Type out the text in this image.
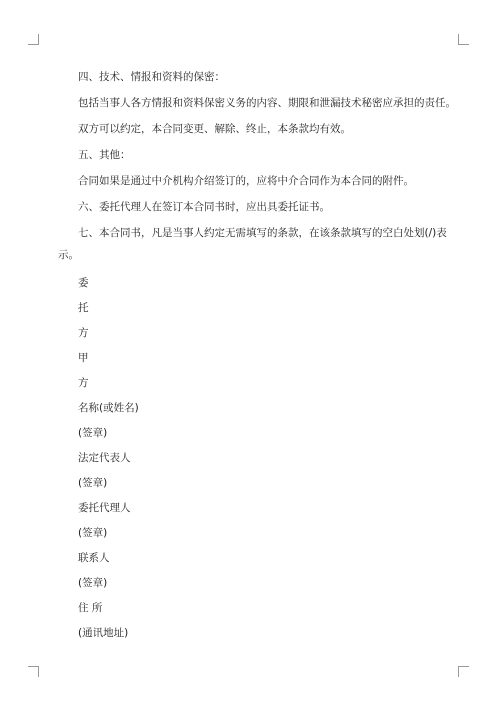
四、技术、情报和资料的保密：
包括当事人各方情报和资料保密义务的内容、期限和泄漏技术秘密应承担的责任。
双方可以约定，本合同变更、解除、终止，本条款均有效。
五、其他：
合同如果是通过中介机构介绍签订的，应将中介合同作为本合同的附件。
六、委托代理人在签订本合同书时，应出具委托证书。
七、本合同书，凡是当事人约定无需填写的条款，在该条款填写的空白处划(/)表
示。
委
托
方
甲
方
名称(或姓名)
(签章)
法定代表人
(签章)
委托代理人
(签章)
联系人
(签章)
住 所
(通讯地址)
